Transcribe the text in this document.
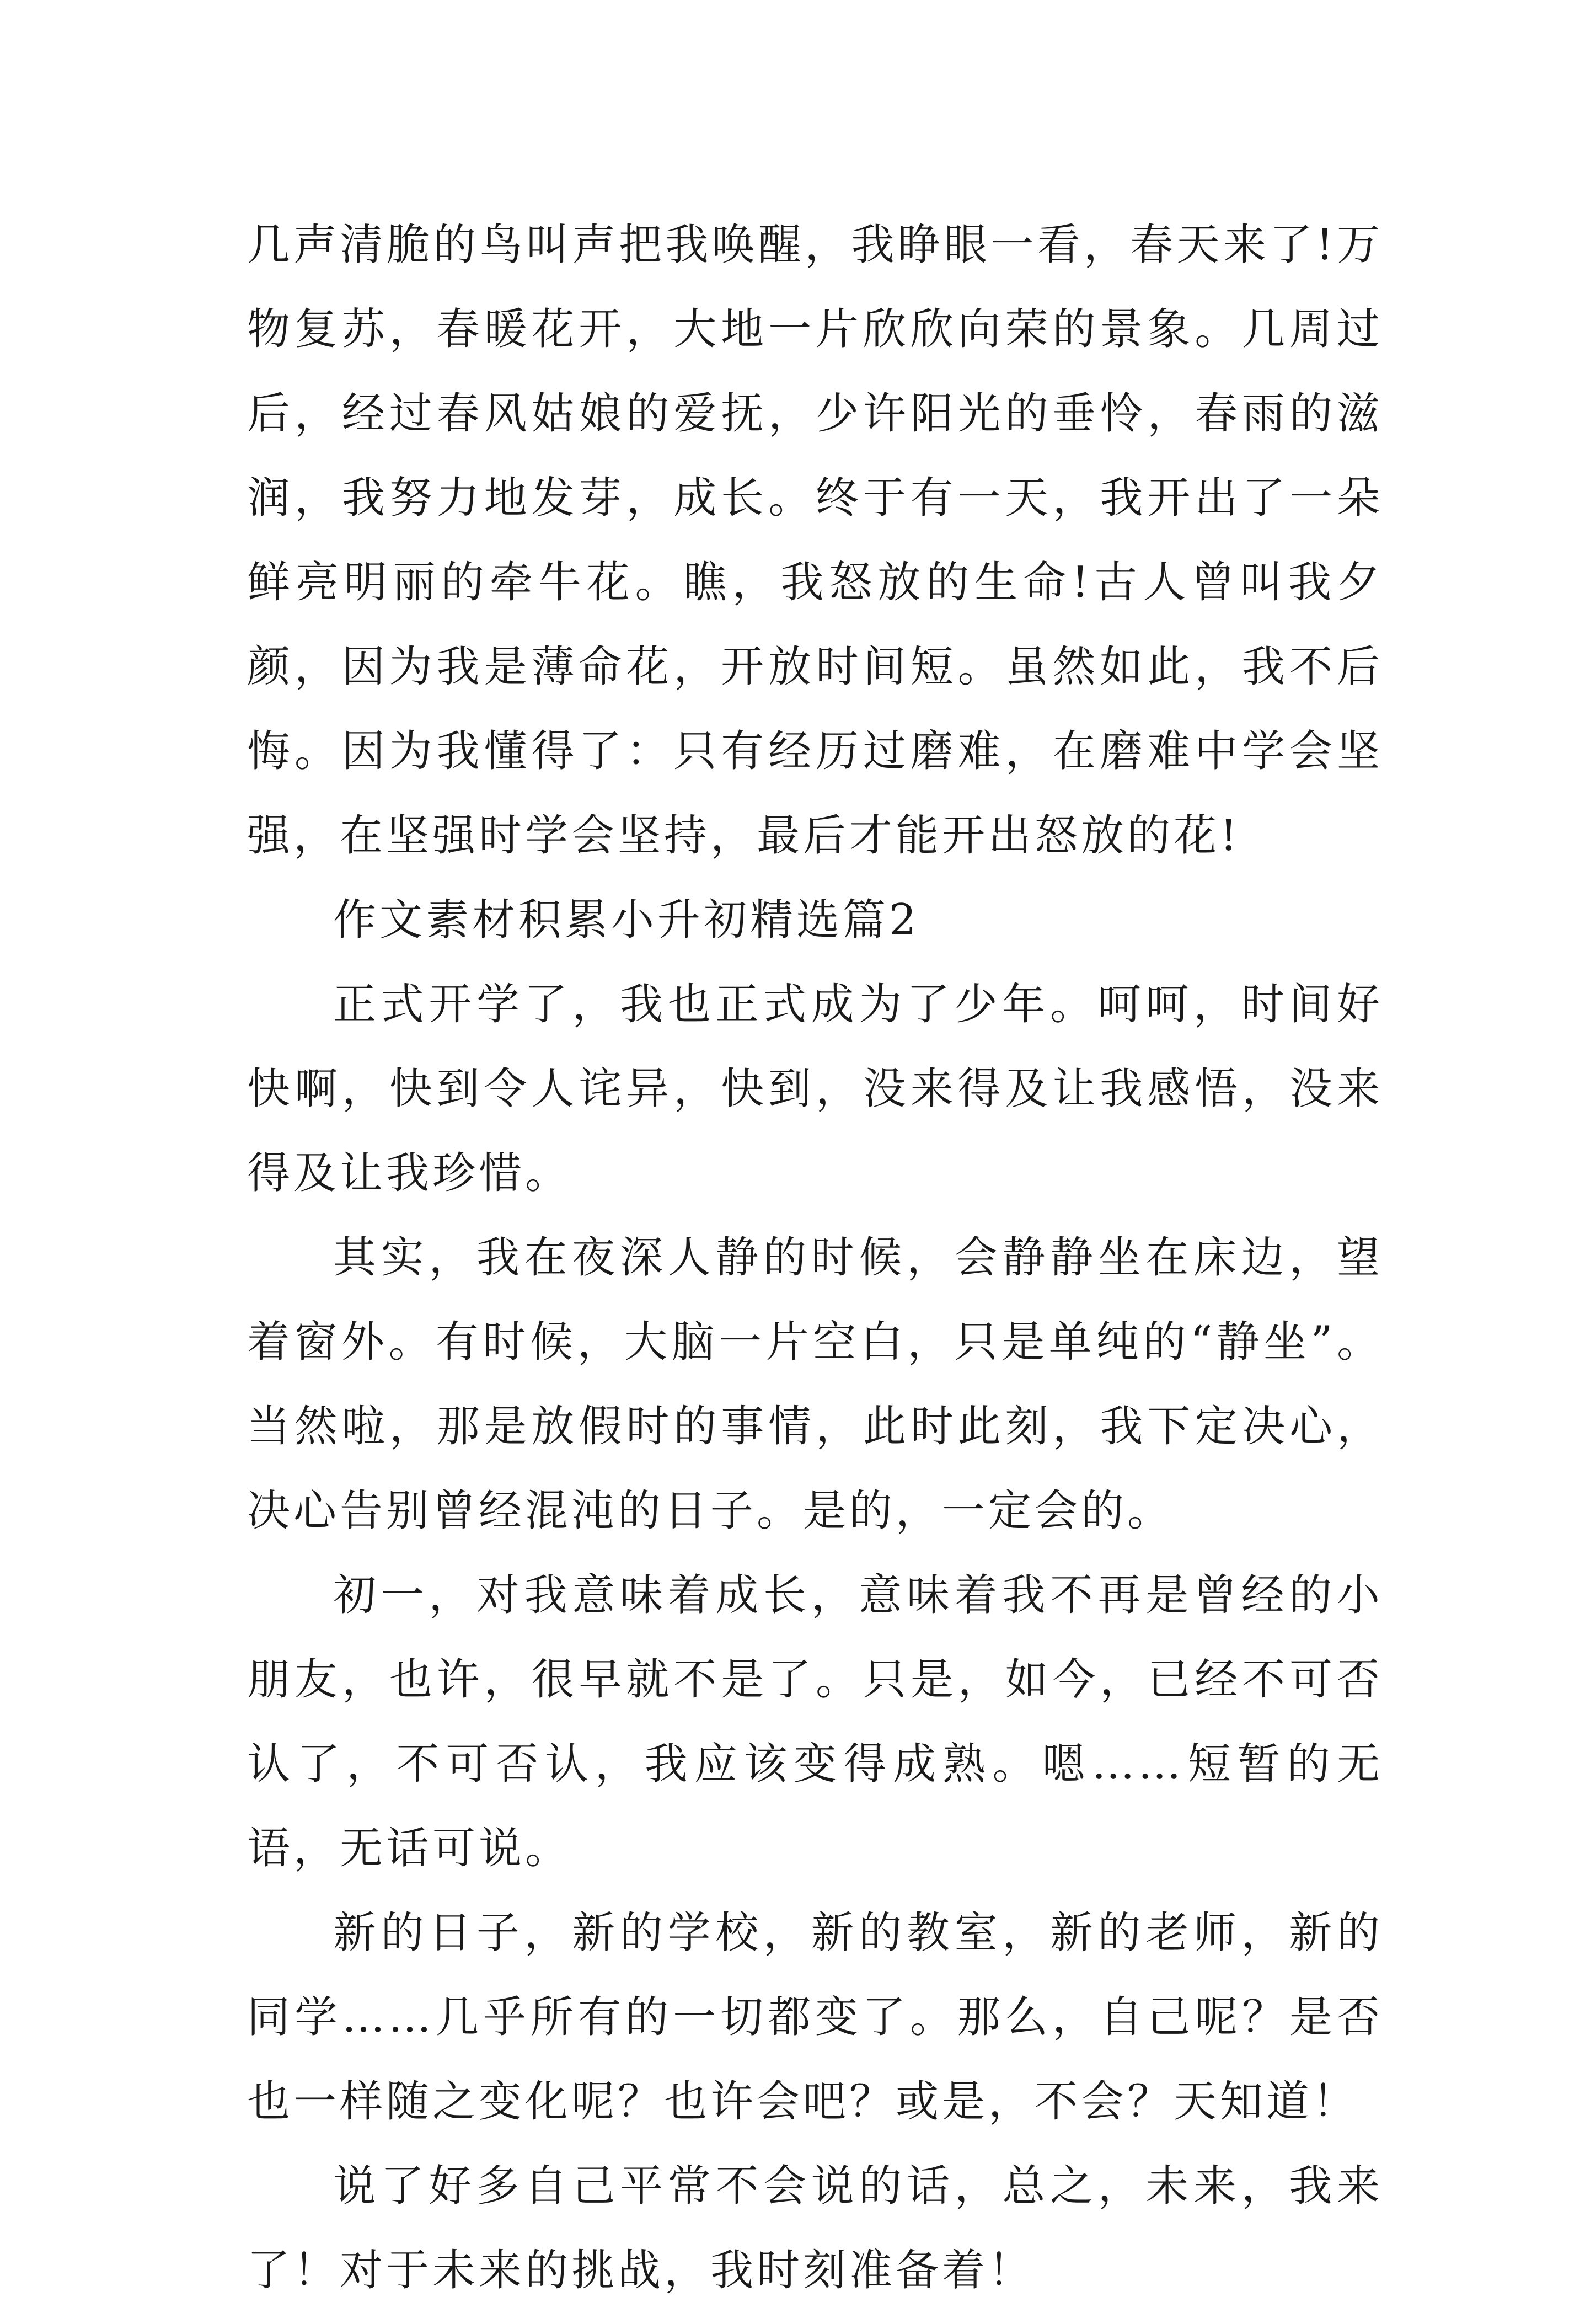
几声清脆的鸟叫声把我唤醒，我睁眼一看，春天来了!万物复苏，春暖花开，大地一片欣欣向荣的景象。几周过后，经过春风姑娘的爱抚，少许阳光的垂怜，春雨的滋润，我努力地发芽，成长。终于有一天，我开出了一朵鲜亮明丽的牵牛花。瞧，我怒放的生命!古人曾叫我夕颜，因为我是薄命花，开放时间短。虽然如此，我不后悔。因为我懂得了：只有经历过磨难，在磨难中学会坚强，在坚强时学会坚持，最后才能开出怒放的花!

作文素材积累小升初精选篇2

正式开学了，我也正式成为了少年。呵呵，时间好快啊，快到令人诧异，快到，没来得及让我感悟，没来得及让我珍惜。

其实，我在夜深人静的时候，会静静坐在床边，望着窗外。有时候，大脑一片空白，只是单纯的“静坐”。当然啦，那是放假时的事情，此时此刻，我下定决心，决心告别曾经混沌的日子。是的，一定会的。

初一，对我意味着成长，意味着我不再是曾经的小朋友，也许，很早就不是了。只是，如今，已经不可否认了，不可否认，我应该变得成熟。嗯……短暂的无语，无话可说。

新的日子，新的学校，新的教室，新的老师，新的同学……几乎所有的一切都变了。那么，自己呢？是否也一样随之变化呢？也许会吧？或是，不会？天知道！

说了好多自己平常不会说的话，总之，未来，我来了！对于未来的挑战，我时刻准备着！
